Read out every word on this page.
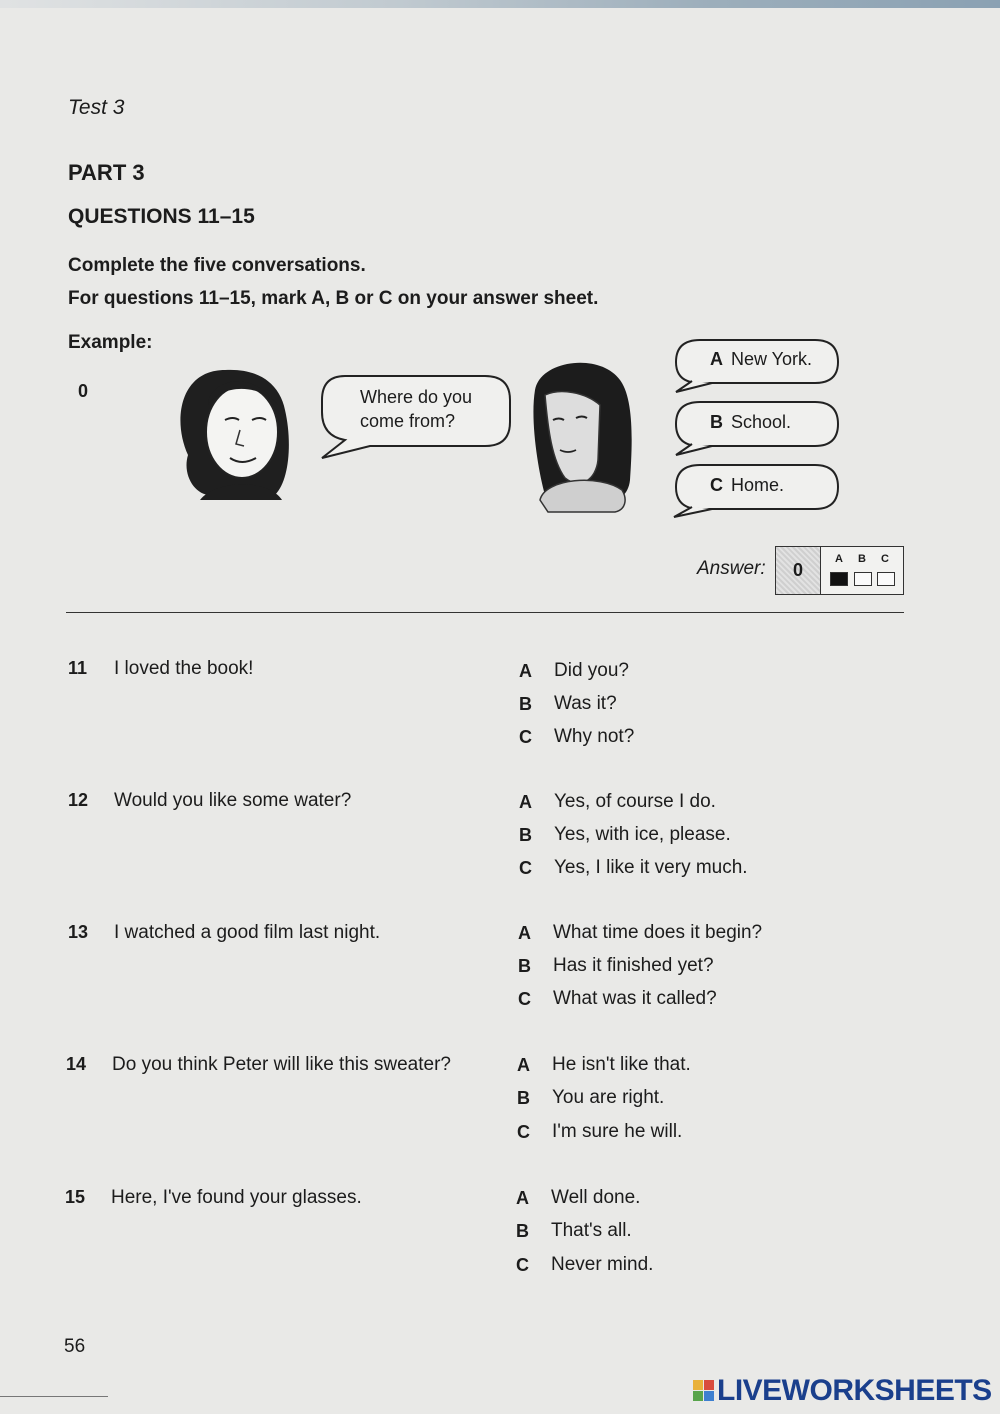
Test 3
PART 3
QUESTIONS 11–15
Complete the five conversations.
For questions 11–15, mark A, B or C on your answer sheet.
Example:
0	Where do you
come from?
A New York.
B School.
C Home.
Answer:	0
A B C
11 I loved the book!	A Did you?
B Was it?
C Why not?
12 Would you like some water?	A Yes, of course I do.
B Yes, with ice, please.
C Yes, I like it very much.
13 I watched a good film last night.	A What time does it begin?
B Has it finished yet?
C What was it called?
14 Do you think Peter will like this sweater?	A He isn't like that.
B You are right.
C I'm sure he will.
15 Here, I've found your glasses.	A Well done.
B That's all.
C Never mind.
56
LIVEWORKSHEETS
